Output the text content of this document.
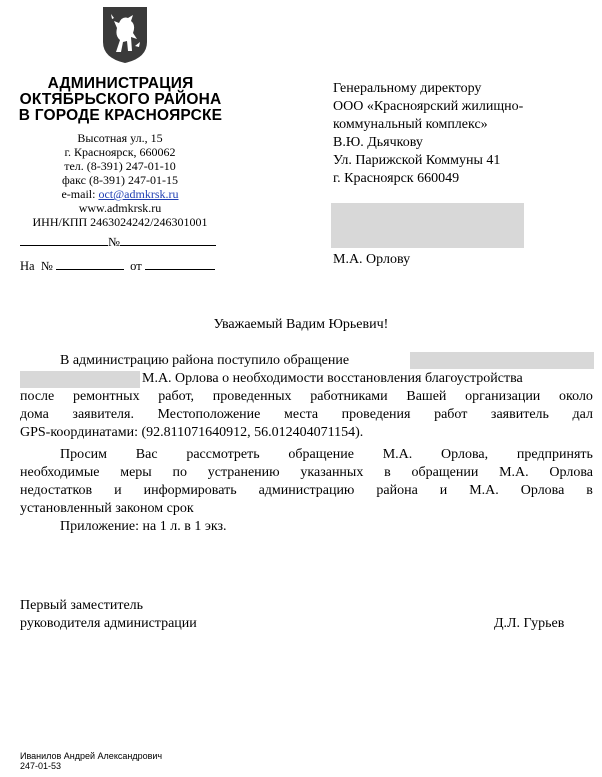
АДМИНИСТРАЦИЯ
ОКТЯБРЬСКОГО РАЙОНА
В ГОРОДЕ КРАСНОЯРСКЕ
Высотная ул., 15
г. Красноярск, 660062
тел. (8-391) 247-01-10
факс (8-391) 247-01-15
e-mail: oct@admkrsk.ru
www.admkrsk.ru
ИНН/КПП 2463024242/246301001
№
На  №	от
Генеральному директору
ООО «Красноярский жилищно-
коммунальный комплекс»
В.Ю. Дьячкову
Ул. Парижской Коммуны 41
г. Красноярск 660049
М.А. Орлову
Уважаемый Вадим Юрьевич!
В администрацию района поступило обращение
М.А. Орлова о необходимости восстановления благоустройства
после ремонтных работ, проведенных работниками Вашей организации около
дома заявителя. Местоположение места проведения работ заявитель дал
GPS-координатами: (92.811071640912, 56.012404071154).
Просим Вас рассмотреть обращение М.А. Орлова, предпринять
необходимые меры по устранению указанных в обращении М.А. Орлова
недостатков и информировать администрацию района и М.А. Орлова в
установленный законом срок
Приложение: на 1 л. в 1 экз.
Первый заместитель
руководителя администрации	Д.Л. Гурьев
Иванилов Андрей Александрович
247-01-53
